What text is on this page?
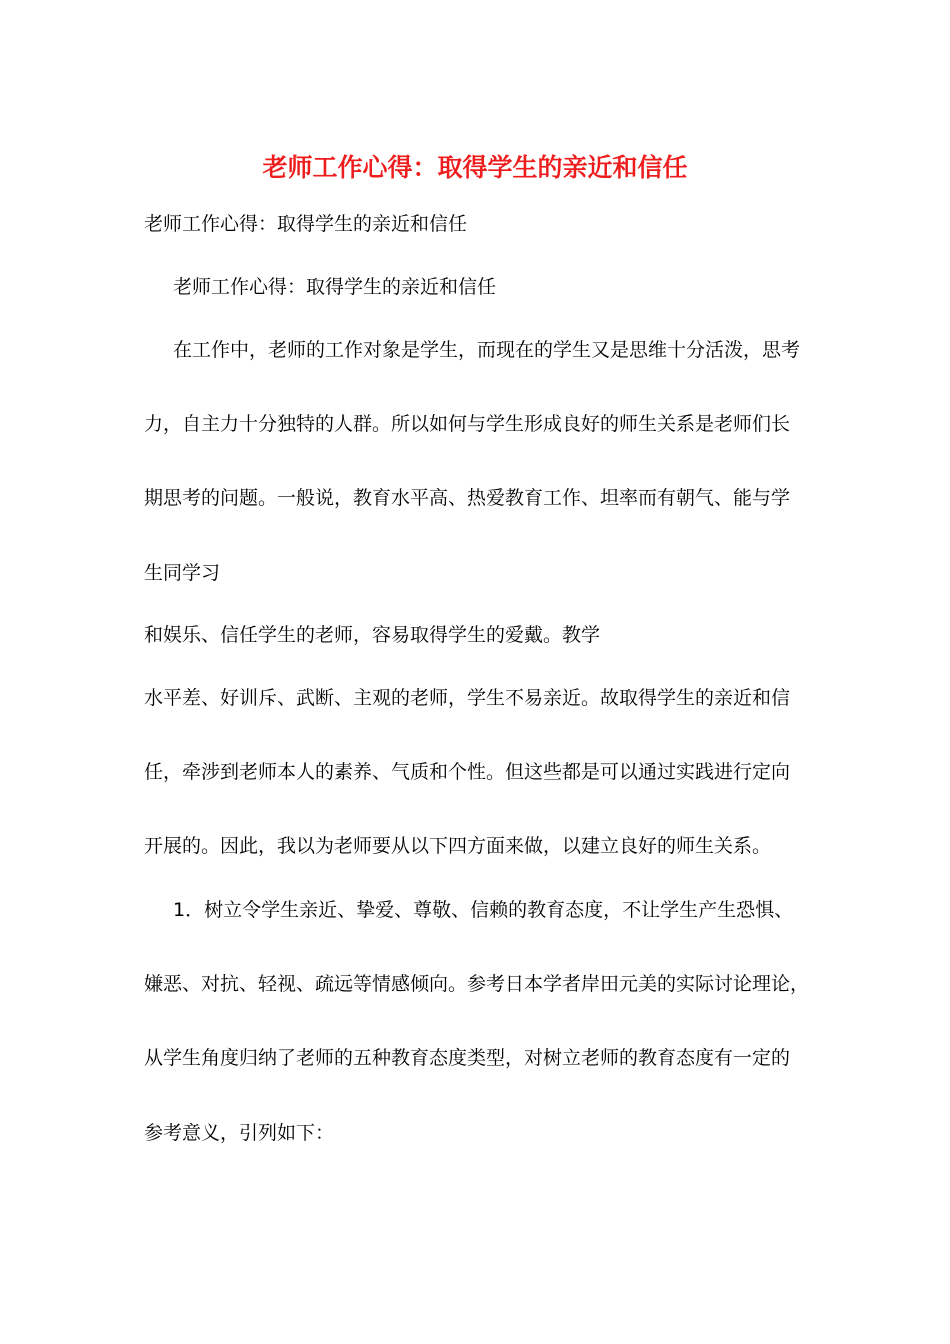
老师工作心得：取得学生的亲近和信任
老师工作心得：取得学生的亲近和信任
老师工作心得：取得学生的亲近和信任
在工作中，老师的工作对象是学生，而现在的学生又是思维十分活泼，思考
力，自主力十分独特的人群。所以如何与学生形成良好的师生关系是老师们长
期思考的问题。一般说，教育水平高、热爱教育工作、坦率而有朝气、能与学
生同学习
和娱乐、信任学生的老师，容易取得学生的爱戴。教学
水平差、好训斥、武断、主观的老师，学生不易亲近。故取得学生的亲近和信
任，牵涉到老师本人的素养、气质和个性。但这些都是可以通过实践进行定向
开展的。因此，我以为老师要从以下四方面来做，以建立良好的师生关系。
1．树立令学生亲近、挚爱、尊敬、信赖的教育态度，不让学生产生恐惧、
嫌恶、对抗、轻视、疏远等情感倾向。参考日本学者岸田元美的实际讨论理论，
从学生角度归纳了老师的五种教育态度类型，对树立老师的教育态度有一定的
参考意义，引列如下：
